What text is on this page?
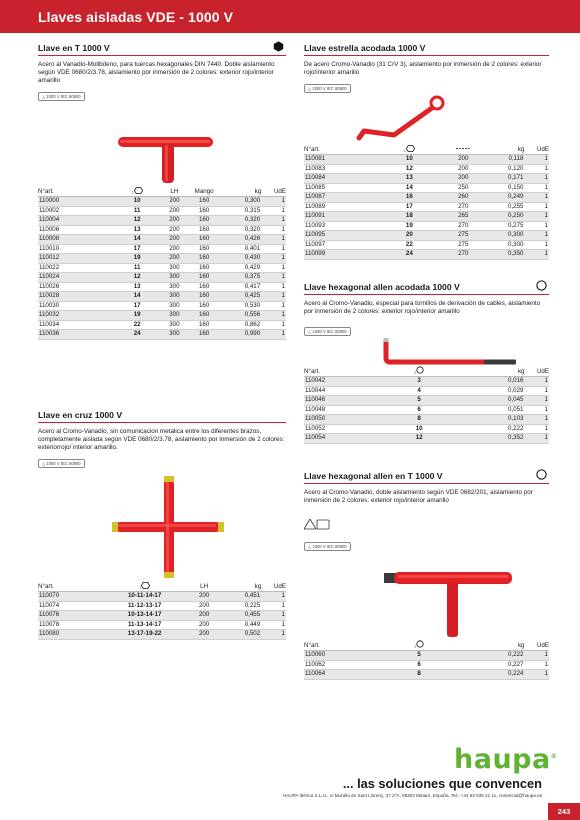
Llaves aisladas VDE - 1000 V
Llave en T 1000 V
Acero al Vanadio-Molibdeno, para tuercas hexagonales DIN 7440. Doble aislamiento según VDE 0680/2/3.78, aislamiento por inmersión de 2 colores: exterior rojo/interior amarillo
△ 1000 V IEC 60900
N°art.	↕	LH	Mango	kg	UdE
110000	10	200	160	0,300	1
110002	11	200	160	0,315	1
110004	12	200	160	0,320	1
110006	13	200	160	0,320	1
110008	14	200	160	0,426	1
110010	17	200	160	0,401	1
110012	19	200	160	0,430	1
110022	11	300	160	0,429	1
110024	12	300	160	0,375	1
110026	13	300	160	0,417	1
110028	14	300	160	0,425	1
110030	17	300	160	0,530	1
110032	19	300	160	0,556	1
110034	22	300	160	0,862	1
110036	24	300	160	0,990	1
Llave en cruz 1000 V
Acero al Cromo-Vanadio, sin comunicacion metalica entre los diferentes brazos, completamente aislada según VDE 0680/2/3.78, aislamiento por inmersión de 2 colores: exteriorrojo/ interior amarillo.
△ 1000 V IEC 60900
N°art.	↕	LH	kg	UdE
110070	10-11-14-17	200	0,451	1
110074	11-12-13-17	200	0,225	1
110076	10-13-14-17	200	0,455	1
110078	11-13-14-17	200	0,449	1
110080	13-17-19-22	200	0,502	1
Llave estrella acodada 1000 V
De acero Cromo-Vanadio (31 CrV 3), aislamiento por inmersión de 2 colores: exterior rojo/interior amarillo
△ 1000 V IEC 60900
N°art.	↕		kg	UdE
110081	10	200	0,118	1
110083	12	200	0,120	1
110084	13	200	0,171	1
110085	14	250	0,150	1
110087	16	260	0,249	1
110089	17	270	0,255	1
110091	18	265	0,250	1
110093	19	270	0,275	1
110095	20	275	0,300	1
110097	22	275	0,300	1
110099	24	270	0,350	1
Llave hexagonal allen acodada 1000 V
Acero al Cromo-Vanadio, especial para tornillos de derivación de cables, aislamiento por inmersión de 2 colores: exterior rojo/interior amarillo
△ 1000 V IEC 60900
N°art.	↕	kg	UdE
110042	3	0,016	1
110044	4	0,029	1
110046	5	0,045	1
110048	6	0,051	1
110050	8	0,103	1
110052	10	0,222	1
110054	12	0,352	1
Llave hexagonal allen en T 1000 V
Acero al Cromo-Vanadio, doble aislamiento según VDE 0682/201, aislamiento por inmersión de 2 colores: exterior rojo/interior amarillo

△ 1000 V IEC 60900
N°art.	↕	kg	UdE
110060	5	0,222	1
110062	6	0,227	1
110064	8	0,224	1
haupa®
... las soluciones que convencen
HAUPA Ibérica S.L.U., c/ Muralla de Sant Llorenç, 37 2ºA, 08302 Mataró, España, Tel.: +34 93 638 21 11, comercial@haupa.es
243
